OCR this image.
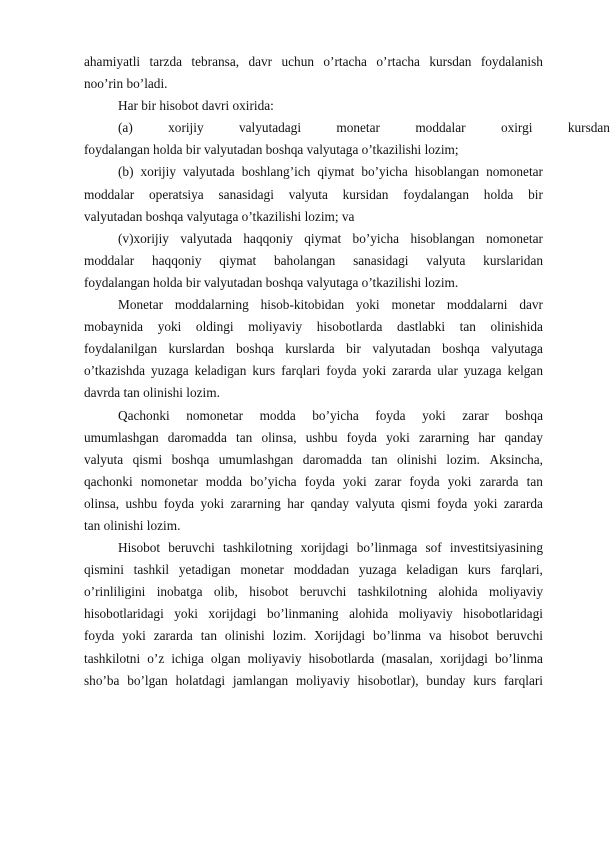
ahamiyatli tarzda tebransa, davr uchun o’rtacha o’rtacha kursdan foydalanish
noo’rin bo’ladi.
Har bir hisobot davri oxirida:
(a)	xorijiy	valyutadagi	monetar	moddalar	oxirgi	kursdan
foydalangan holda bir valyutadan boshqa valyutaga o’tkazilishi lozim;
(b) xorijiy valyutada boshlang’ich qiymat bo’yicha hisoblangan nomonetar
moddalar operatsiya sanasidagi valyuta kursidan foydalangan holda bir
valyutadan boshqa valyutaga o’tkazilishi lozim; va
(v)xorijiy valyutada haqqoniy qiymat bo’yicha hisoblangan nomonetar
moddalar haqqoniy qiymat baholangan sanasidagi valyuta kurslaridan
foydalangan holda bir valyutadan boshqa valyutaga o’tkazilishi lozim.
Monetar moddalarning hisob-kitobidan yoki monetar moddalarni davr
mobaynida yoki oldingi moliyaviy hisobotlarda dastlabki tan olinishida
foydalanilgan kurslardan boshqa kurslarda bir valyutadan boshqa valyutaga
o’tkazishda yuzaga keladigan kurs farqlari foyda yoki zararda ular yuzaga kelgan
davrda tan olinishi lozim.
Qachonki nomonetar modda bo’yicha foyda yoki zarar boshqa
umumlashgan daromadda tan olinsa, ushbu foyda yoki zararning har qanday
valyuta qismi boshqa umumlashgan daromadda tan olinishi lozim. Aksincha,
qachonki nomonetar modda bo’yicha foyda yoki zarar foyda yoki zararda tan
olinsa, ushbu foyda yoki zararning har qanday valyuta qismi foyda yoki zararda
tan olinishi lozim.
Hisobot beruvchi tashkilotning xorijdagi bo’linmaga sof investitsiyasining
qismini tashkil yetadigan monetar moddadan yuzaga keladigan kurs farqlari,
o’rinliligini inobatga olib, hisobot beruvchi tashkilotning alohida moliyaviy
hisobotlaridagi yoki xorijdagi bo’linmaning alohida moliyaviy hisobotlaridagi
foyda yoki zararda tan olinishi lozim. Xorijdagi bo’linma va hisobot beruvchi
tashkilotni o’z ichiga olgan moliyaviy hisobotlarda (masalan, xorijdagi bo’linma
sho’ba bo’lgan holatdagi jamlangan moliyaviy hisobotlar), bunday kurs farqlari
